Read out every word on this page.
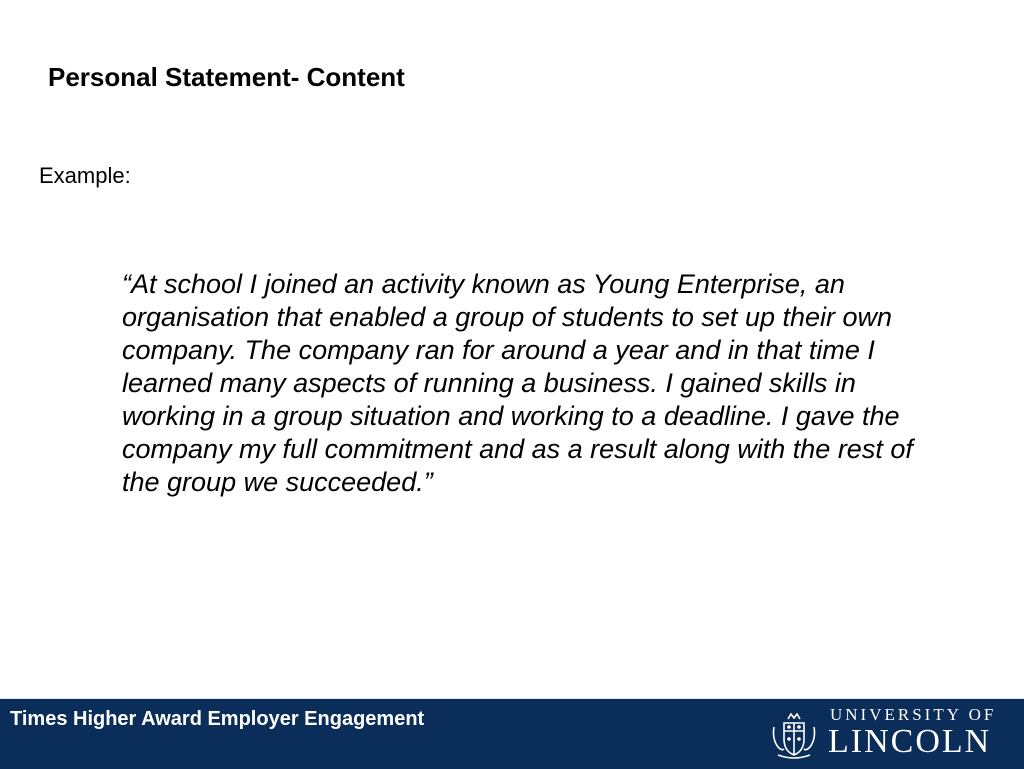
Personal Statement- Content
Example:

“At school I joined an activity known as Young Enterprise, an organisation that enabled a group of students to set up their own company. The company ran for around a year and in that time I learned many aspects of running a business. I gained skills in working in a group situation and working to a deadline. I gave the company my full commitment and as a result along with the rest of the group we succeeded.”

Times Higher Award Employer Engagement	UNIVERSITY OF
LINCOLN
